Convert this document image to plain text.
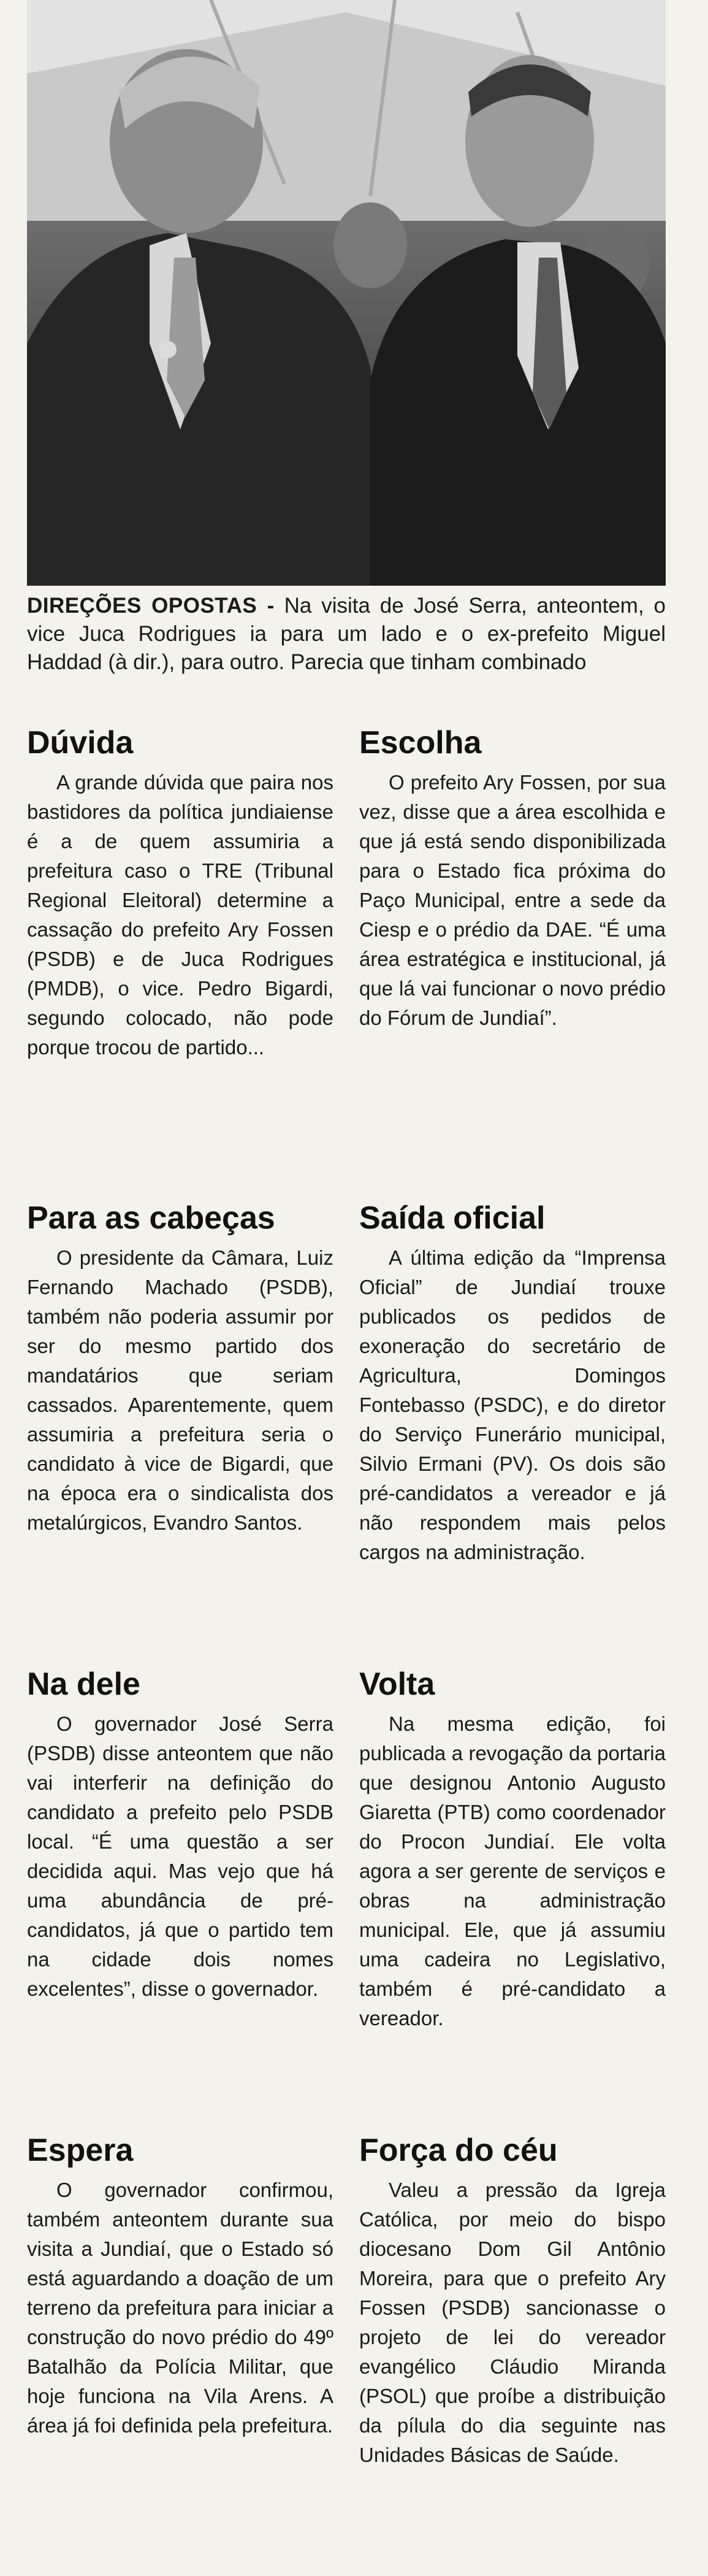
DIREÇÕES OPOSTAS - Na visita de José Serra, anteontem, o vice Juca Rodrigues ia para um lado e o ex-prefeito Miguel Haddad (à dir.), para outro. Parecia que tinham combinado
Dúvida

A grande dúvida que paira nos bastidores da política jundiaiense é a de quem assumiria a prefeitura caso o TRE (Tribunal Regional Eleitoral) determine a cassação do prefeito Ary Fossen (PSDB) e de Juca Rodrigues (PMDB), o vice. Pedro Bigardi, segundo colocado, não pode porque trocou de partido...

Escolha

O prefeito Ary Fossen, por sua vez, disse que a área escolhida e que já está sendo disponibilizada para o Estado fica próxima do Paço Municipal, entre a sede da Ciesp e o prédio da DAE. “É uma área estratégica e institucional, já que lá vai funcionar o novo prédio do Fórum de Jundiaí”.

Para as cabeças

O presidente da Câmara, Luiz Fernando Machado (PSDB), também não poderia assumir por ser do mesmo partido dos mandatários que seriam cassados. Aparentemente, quem assumiria a prefeitura seria o candidato à vice de Bigardi, que na época era o sindicalista dos metalúrgicos, Evandro Santos.

Saída oficial

A última edição da “Imprensa Oficial” de Jundiaí trouxe publicados os pedidos de exoneração do secretário de Agricultura, Domingos Fontebasso (PSDC), e do diretor do Serviço Funerário municipal, Silvio Ermani (PV). Os dois são pré-candidatos a vereador e já não respondem mais pelos cargos na administração.

Na dele

O governador José Serra (PSDB) disse anteontem que não vai interferir na definição do candidato a prefeito pelo PSDB local. “É uma questão a ser decidida aqui. Mas vejo que há uma abundância de pré-candidatos, já que o partido tem na cidade dois nomes excelentes”, disse o governador.

Volta

Na mesma edição, foi publicada a revogação da portaria que designou Antonio Augusto Giaretta (PTB) como coordenador do Procon Jundiaí. Ele volta agora a ser gerente de serviços e obras na administração municipal. Ele, que já assumiu uma cadeira no Legislativo, também é pré-candidato a vereador.

Espera

O governador confirmou, também anteontem durante sua visita a Jundiaí, que o Estado só está aguardando a doação de um terreno da prefeitura para iniciar a construção do novo prédio do 49º Batalhão da Polícia Militar, que hoje funciona na Vila Arens. A área já foi definida pela prefeitura.

Força do céu

Valeu a pressão da Igreja Católica, por meio do bispo diocesano Dom Gil Antônio Moreira, para que o prefeito Ary Fossen (PSDB) sancionasse o projeto de lei do vereador evangélico Cláudio Miranda (PSOL) que proíbe a distribuição da pílula do dia seguinte nas Unidades Básicas de Saúde.
